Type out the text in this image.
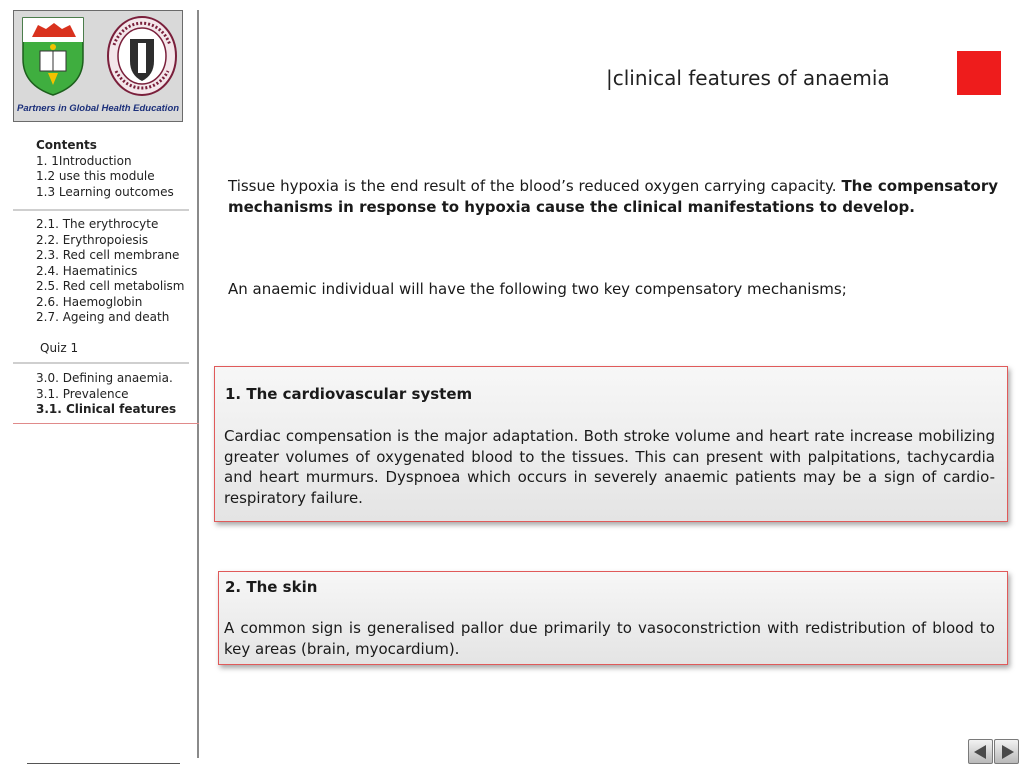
Partners in Global Health Education
Contents
1. 1Introduction
1.2 use this module
1.3 Learning outcomes
2.1. The erythrocyte
2.2. Erythropoiesis
2.3. Red cell membrane
2.4. Haematinics
2.5. Red cell metabolism
2.6. Haemoglobin
2.7. Ageing and death
Quiz 1
3.0. Defining anaemia.
3.1. Prevalence
3.1. Clinical features
|clinical features of anaemia
Tissue hypoxia is the end result of the blood’s reduced oxygen carrying capacity. The compensatory mechanisms in response to hypoxia cause the clinical manifestations to develop.
An anaemic individual will have the following two key compensatory mechanisms;
1. The cardiovascular system
Cardiac compensation is the major adaptation. Both stroke volume and heart rate increase mobilizing greater volumes of oxygenated blood to the tissues. This can present with palpitations, tachycardia and heart murmurs. Dyspnoea which occurs in severely anaemic patients may be a sign of cardio-respiratory failure.
2. The skin
A common sign is generalised pallor due primarily to vasoconstriction with redistribution of blood to key areas (brain, myocardium).
